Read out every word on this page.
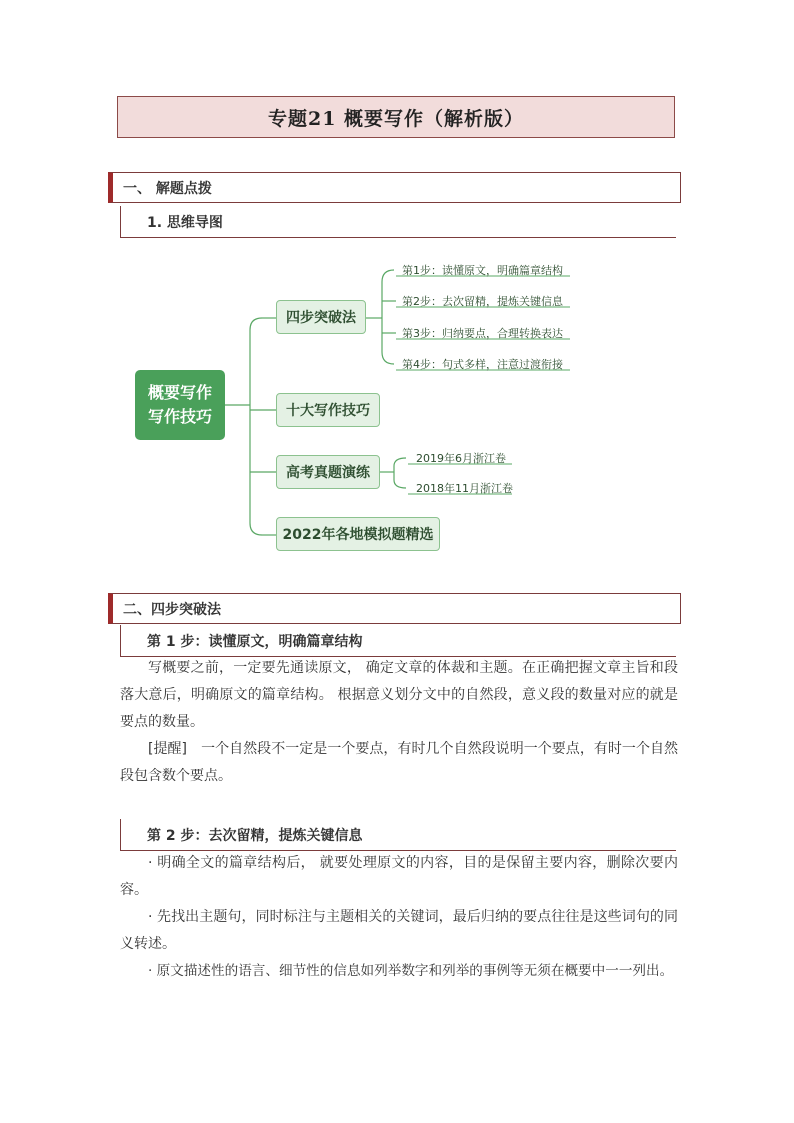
专题21 概要写作（解析版）
一、 解题点拨
1. 思维导图
概要写作
写作技巧
四步突破法
十大写作技巧
高考真题演练
2022年各地模拟题精选
第1步：读懂原文，明确篇章结构
第2步：去次留精，提炼关键信息
第3步：归纳要点，合理转换表达
第4步：句式多样，注意过渡衔接
2019年6月浙江卷
2018年11月浙江卷
二、四步突破法
第 1 步：读懂原文，明确篇章结构
写概要之前，一定要先通读原文， 确定文章的体裁和主题。在正确把握文章主旨和段落大意后，明确原文的篇章结构。 根据意义划分文中的自然段，意义段的数量对应的就是要点的数量。
[提醒]　一个自然段不一定是一个要点，有时几个自然段说明一个要点，有时一个自然段包含数个要点。
第 2 步：去次留精，提炼关键信息
· 明确全文的篇章结构后， 就要处理原文的内容，目的是保留主要内容，删除次要内容。
· 先找出主题句，同时标注与主题相关的关键词，最后归纳的要点往往是这些词句的同义转述。
· 原文描述性的语言、细节性的信息如列举数字和列举的事例等无须在概要中一一列出。
